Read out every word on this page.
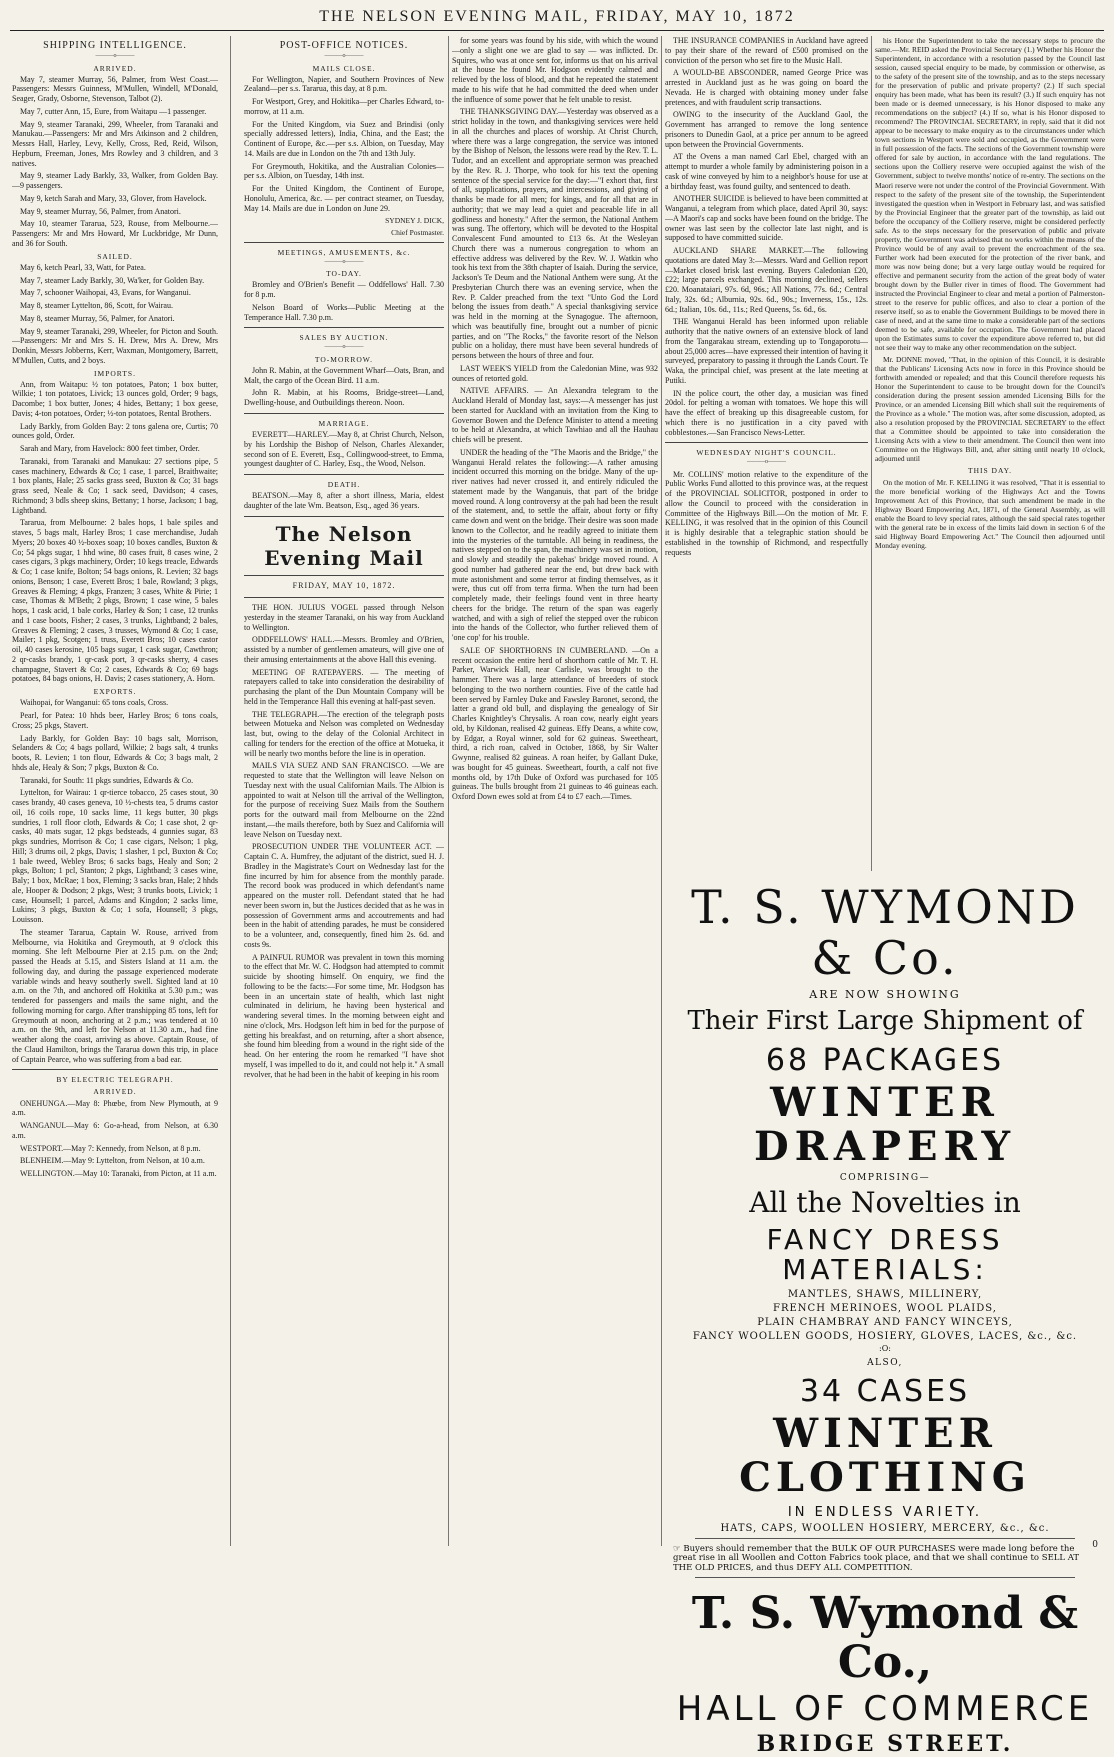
THE NELSON EVENING MAIL, FRIDAY, MAY 10, 1872
SHIPPING INTELLIGENCE.
———o———
ARRIVED.

May 7, steamer Murray, 56, Palmer, from West Coast.—Passengers: Messrs Guinness, M'Mullen, Windell, M'Donald, Seager, Grady, Osborne, Stevenson, Talbot (2).

May 7, cutter Ann, 15, Eure, from Waitapu —1 passenger.

May 9, steamer Taranaki, 299, Wheeler, from Taranaki and Manukau.—Passengers: Mr and Mrs Atkinson and 2 children, Messrs Hall, Harley, Levy, Kelly, Cross, Red, Reid, Wilson, Hepburn, Freeman, Jones, Mrs Rowley and 3 children, and 3 natives.

May 9, steamer Lady Barkly, 33, Walker, from Golden Bay.—9 passengers.

May 9, ketch Sarah and Mary, 33, Glover, from Havelock.

May 9, steamer Murray, 56, Palmer, from Anatori.

May 10, steamer Tararua, 523, Rouse, from Melbourne.—Passengers: Mr and Mrs Howard, Mr Luckbridge, Mr Dunn, and 36 for South.

SAILED.

May 6, ketch Pearl, 33, Watt, for Patea.

May 7, steamer Lady Barkly, 30, Wa'ker, for Golden Bay.

May 7, schooner Waihopai, 43, Evans, for Wanganui.

May 8, steamer Lyttelton, 86, Scott, for Wairau.

May 8, steamer Murray, 56, Palmer, for Anatori.

May 9, steamer Taranaki, 299, Wheeler, for Picton and South.—Passengers: Mr and Mrs S. H. Drew, Mrs A. Drew, Mrs Donkin, Messrs Jobberns, Kerr, Waxman, Montgomery, Barrett, M'Mullen, Cutts, and 2 boys.

IMPORTS.

Ann, from Waitapu: ½ ton potatoes, Paton; 1 box butter, Wilkie; 1 ton potatoes, Livick; 13 ounces gold, Order; 9 bags, Dacombe; 1 box butter, Jones; 4 hides, Bettany; 1 box geese, Davis; 4-ton potatoes, Order; ½-ton potatoes, Rental Brothers.

Lady Barkly, from Golden Bay: 2 tons galena ore, Curtis; 70 ounces gold, Order.

Sarah and Mary, from Havelock: 800 feet timber, Order.

Taranaki, from Taranaki and Manukau: 27 sections pipe, 5 cases machinery, Edwards & Co; 1 case, 1 parcel, Braithwaite; 1 box plants, Hale; 25 sacks grass seed, Buxton & Co; 31 bags grass seed, Neale & Co; 1 sack seed, Davidson; 4 cases, Richmond; 3 bdls sheep skins, Bettany; 1 horse, Jackson; 1 bag, Lightband.

Tararua, from Melbourne: 2 bales hops, 1 bale spiles and staves, 5 bags malt, Harley Bros; 1 case merchandise, Judah Myers; 20 boxes 40 ½-boxes soap; 10 boxes candles, Buxton & Co; 54 pkgs sugar, 1 hhd wine, 80 cases fruit, 8 cases wine, 2 cases cigars, 3 pkgs machinery, Order; 10 kegs treacle, Edwards & Co; 1 case knife, Bolton; 54 bags onions, R. Levien; 32 bags onions, Benson; 1 case, Everett Bros; 1 bale, Rowland; 3 pkgs, Greaves & Fleming; 4 pkgs, Franzen; 3 cases, White & Pirie; 1 case, Thomas & M'Beth; 2 pkgs, Brown; 1 case wine, 5 bales hops, 1 cask acid, 1 bale corks, Harley & Son; 1 case, 12 trunks and 1 case boots, Fisher; 2 cases, 3 trunks, Lightband; 2 bales, Greaves & Fleming; 2 cases, 3 trusses, Wymond & Co; 1 case, Mailer; 1 pkg, Scotgen; 1 truss, Everett Bros; 10 cases castor oil, 40 cases kerosine, 105 bags sugar, 1 cask sugar, Cawthron; 2 qr-casks brandy, 1 qr-cask port, 3 qr-casks sherry, 4 cases champagne, Stavert & Co; 2 cases, Edwards & Co; 69 bags potatoes, 84 bags onions, H. Davis; 2 cases stationery, A. Horn.

EXPORTS.

Waihopai, for Wanganui: 65 tons coals, Cross.

Pearl, for Patea: 10 hhds beer, Harley Bros; 6 tons coals, Cross; 25 pkgs, Stavert.

Lady Barkly, for Golden Bay: 10 bags salt, Morrison, Selanders & Co; 4 bags pollard, Wilkie; 2 bags salt, 4 trunks boots, R. Levien; 1 ton flour, Edwards & Co; 3 bags malt, 2 hhds ale, Healy & Son; 7 pkgs, Buxton & Co.

Taranaki, for South: 11 pkgs sundries, Edwards & Co.

Lyttelton, for Wairau: 1 qr-tierce tobacco, 25 cases stout, 30 cases brandy, 40 cases geneva, 10 ½-chests tea, 5 drums castor oil, 16 coils rope, 10 sacks lime, 11 kegs butter, 30 pkgs sundries, 1 roll floor cloth, Edwards & Co; 1 case shot, 2 qr-casks, 40 mats sugar, 12 pkgs bedsteads, 4 gunnies sugar, 83 pkgs sundries, Morrison & Co; 1 case cigars, Nelson; 1 pkg, Hill; 3 drums oil, 2 pkgs, Davis; 1 slasher, 1 pcl, Buxton & Co; 1 bale tweed, Webley Bros; 6 sacks bags, Healy and Son; 2 pkgs, Bolton; 1 pcl, Stanton; 2 pkgs, Lightband; 3 cases wine, Baly; 1 box, McRae; 1 box, Fleming; 3 sacks bran, Hale; 2 hhds ale, Hooper & Dodson; 2 pkgs, West; 3 trunks boots, Livick; 1 case, Hounsell; 1 parcel, Adams and Kingdon; 2 sacks lime, Lukins; 3 pkgs, Buxton & Co; 1 sofa, Hounsell; 3 pkgs, Louisson.

The steamer Tararua, Captain W. Rouse, arrived from Melbourne, via Hokitika and Greymouth, at 9 o'clock this morning. She left Melbourne Pier at 2.15 p.m. on the 2nd; passed the Heads at 5.15, and Sisters Island at 11 a.m. the following day, and during the passage experienced moderate variable winds and heavy southerly swell. Sighted land at 10 a.m. on the 7th, and anchored off Hokitika at 5.30 p.m.; was tendered for passengers and mails the same night, and the following morning for cargo. After transhipping 85 tons, left for Greymouth at noon, anchoring at 2 p.m.; was tendered at 10 a.m. on the 9th, and left for Nelson at 11.30 a.m., had fine weather along the coast, arriving as above. Captain Rouse, of the Claud Hamilton, brings the Tararua down this trip, in place of Captain Pearce, who was suffering from a bad ear.

BY ELECTRIC TELEGRAPH.
ARRIVED.

ONEHUNGA.—May 8: Phœbe, from New Plymouth, at 9 a.m.

WANGANUI.—May 6: Go-a-head, from Nelson, at 6.30 a.m.

WESTPORT.—May 7: Kennedy, from Nelson, at 8 p.m.

BLENHEIM.—May 9: Lyttelton, from Nelson, at 10 a.m.

WELLINGTON.—May 10: Taranaki, from Picton, at 11 a.m.

POST-OFFICE NOTICES.
———o———
MAILS CLOSE.

For Wellington, Napier, and Southern Provinces of New Zealand—per s.s. Tararua, this day, at 8 p.m.

For Westport, Grey, and Hokitika—per Charles Edward, to-morrow, at 11 a.m.

For the United Kingdom, via Suez and Brindisi (only specially addressed letters), India, China, and the East; the Continent of Europe, &c.—per s.s. Albion, on Tuesday, May 14. Mails are due in London on the 7th and 13th July.

For Greymouth, Hokitika, and the Australian Colonies—per s.s. Albion, on Tuesday, 14th inst.

For the United Kingdom, the Continent of Europe, Honolulu, America, &c. — per contract steamer, on Tuesday, May 14. Mails are due in London on June 29.

SYDNEY J. DICK,
Chief Postmaster.
MEETINGS, AMUSEMENTS, &c.
———o———
TO-DAY.

Bromley and O'Brien's Benefit — Oddfellows' Hall. 7.30 for 8 p.m.

Nelson Board of Works—Public Meeting at the Temperance Hall. 7.30 p.m.

SALES BY AUCTION.
———o———
TO-MORROW.

John R. Mabin, at the Government Wharf—Oats, Bran, and Malt, the cargo of the Ocean Bird. 11 a.m.

John R. Mabin, at his Rooms, Bridge-street—Land, Dwelling-house, and Outbuildings thereon. Noon.

MARRIAGE.

EVERETT—HARLEY.—May 8, at Christ Church, Nelson, by his Lordship the Bishop of Nelson, Charles Alexander, second son of E. Everett, Esq., Collingwood-street, to Emma, youngest daughter of C. Harley, Esq., the Wood, Nelson.

DEATH.

BEATSON.—May 8, after a short illness, Maria, eldest daughter of the late Wm. Beatson, Esq., aged 36 years.

The Nelson Evening Mail
FRIDAY, MAY 10, 1872.

THE HON. JULIUS VOGEL passed through Nelson yesterday in the steamer Taranaki, on his way from Auckland to Wellington.

ODDFELLOWS' HALL.—Messrs. Bromley and O'Brien, assisted by a number of gentlemen amateurs, will give one of their amusing entertainments at the above Hall this evening.

MEETING OF RATEPAYERS. — The meeting of ratepayers called to take into consideration the desirability of purchasing the plant of the Dun Mountain Company will be held in the Temperance Hall this evening at half-past seven.

THE TELEGRAPH.—The erection of the telegraph posts between Motueka and Nelson was completed on Wednesday last, but, owing to the delay of the Colonial Architect in calling for tenders for the erection of the office at Motueka, it will be nearly two months before the line is in operation.

MAILS VIA SUEZ AND SAN FRANCISCO. —We are requested to state that the Wellington will leave Nelson on Tuesday next with the usual Californian Mails. The Albion is appointed to wait at Nelson till the arrival of the Wellington, for the purpose of receiving Suez Mails from the Southern ports for the outward mail from Melbourne on the 22nd instant,—the mails therefore, both by Suez and California will leave Nelson on Tuesday next.

PROSECUTION UNDER THE VOLUNTEER ACT. — Captain C. A. Humfrey, the adjutant of the district, sued H. J. Bradley in the Magistrate's Court on Wednesday last for the fine incurred by him for absence from the monthly parade. The record book was produced in which defendant's name appeared on the muster roll. Defendant stated that he had never been sworn in, but the Justices decided that as he was in possession of Government arms and accoutrements and had been in the habit of attending parades, he must be considered to be a volunteer, and, consequently, fined him 2s. 6d. and costs 9s.

A PAINFUL RUMOR was prevalent in town this morning to the effect that Mr. W. C. Hodgson had attempted to commit suicide by shooting himself. On enquiry, we find the following to be the facts:—For some time, Mr. Hodgson has been in an uncertain state of health, which last night culminated in delirium, he having been hysterical and wandering several times. In the morning between eight and nine o'clock, Mrs. Hodgson left him in bed for the purpose of getting his breakfast, and on returning, after a short absence, she found him bleeding from a wound in the right side of the head. On her entering the room he remarked "I have shot myself, I was impelled to do it, and could not help it." A small revolver, that he had been in the habit of keeping in his room

for some years was found by his side, with which the wound—only a slight one we are glad to say — was inflicted. Dr. Squires, who was at once sent for, informs us that on his arrival at the house he found Mr. Hodgson evidently calmed and relieved by the loss of blood, and that he repeated the statement made to his wife that he had committed the deed when under the influence of some power that he felt unable to resist.

THE THANKSGIVING DAY.—Yesterday was observed as a strict holiday in the town, and thanksgiving services were held in all the churches and places of worship. At Christ Church, where there was a large congregation, the service was intoned by the Bishop of Nelson, the lessons were read by the Rev. T. L. Tudor, and an excellent and appropriate sermon was preached by the Rev. R. J. Thorpe, who took for his text the opening sentence of the special service for the day:—"I exhort that, first of all, supplications, prayers, and intercessions, and giving of thanks be made for all men; for kings, and for all that are in authority; that we may lead a quiet and peaceable life in all godliness and honesty." After the sermon, the National Anthem was sung. The offertory, which will be devoted to the Hospital Convalescent Fund amounted to £13 6s. At the Wesleyan Church there was a numerous congregation to whom an effective address was delivered by the Rev. W. J. Watkin who took his text from the 38th chapter of Isaiah. During the service, Jackson's Te Deum and the National Anthem were sung. At the Presbyterian Church there was an evening service, when the Rev. P. Calder preached from the text "Unto God the Lord belong the issues from death." A special thanksgiving service was held in the morning at the Synagogue. The afternoon, which was beautifully fine, brought out a number of picnic parties, and on "The Rocks," the favorite resort of the Nelson public on a holiday, there must have been several hundreds of persons between the hours of three and four.

LAST WEEK'S YIELD from the Caledonian Mine, was 932 ounces of retorted gold.

NATIVE AFFAIRS. — An Alexandra telegram to the Auckland Herald of Monday last, says:—A messenger has just been started for Auckland with an invitation from the King to Governor Bowen and the Defence Minister to attend a meeting to be held at Alexandra, at which Tawhiao and all the Hauhau chiefs will be present.

UNDER the heading of the "The Maoris and the Bridge," the Wanganui Herald relates the following:—A rather amusing incident occurred this morning on the bridge. Many of the up-river natives had never crossed it, and entirely ridiculed the statement made by the Wanganuis, that part of the bridge moved round. A long controversy at the pah had been the result of the statement, and, to settle the affair, about forty or fifty came down and went on the bridge. Their desire was soon made known to the Collector, and he readily agreed to initiate them into the mysteries of the turntable. All being in readiness, the natives stepped on to the span, the machinery was set in motion, and slowly and steadily the pakehas' bridge moved round. A good number had gathered near the end, but drew back with mute astonishment and some terror at finding themselves, as it were, thus cut off from terra firma. When the turn had been completely made, their feelings found vent in three hearty cheers for the bridge. The return of the span was eagerly watched, and with a sigh of relief the stepped over the rubicon into the hands of the Collector, who further relieved them of 'one cop' for his trouble.

SALE OF SHORTHORNS IN CUMBERLAND. —On a recent occasion the entire herd of shorthorn cattle of Mr. T. H. Parker, Warwick Hall, near Carlisle, was brought to the hammer. There was a large attendance of breeders of stock belonging to the two northern counties. Five of the cattle had been served by Farnley Duke and Fawsley Baronet, second, the latter a grand old bull, and displaying the genealogy of Sir Charles Knightley's Chrysalis. A roan cow, nearly eight years old, by Kildonan, realised 42 guineas. Effy Deans, a white cow, by Edgar, a Royal winner, sold for 62 guineas. Sweetheart, third, a rich roan, calved in October, 1868, by Sir Walter Gwynne, realised 82 guineas. A roan heifer, by Gallant Duke, was bought for 45 guineas. Sweetheart, fourth, a calf not five months old, by 17th Duke of Oxford was purchased for 105 guineas. The bulls brought from 21 guineas to 46 guineas each. Oxford Down ewes sold at from £4 to £7 each.—Times.

THE INSURANCE COMPANIES in Auckland have agreed to pay their share of the reward of £500 promised on the conviction of the person who set fire to the Music Hall.

A WOULD-BE ABSCONDER, named George Price was arrested in Auckland just as he was going on board the Nevada. He is charged with obtaining money under false pretences, and with fraudulent scrip transactions.

OWING to the insecurity of the Auckland Gaol, the Government has arranged to remove the long sentence prisoners to Dunedin Gaol, at a price per annum to be agreed upon between the Provincial Governments.

AT the Ovens a man named Carl Ebel, charged with an attempt to murder a whole family by administering poison in a cask of wine conveyed by him to a neighbor's house for use at a birthday feast, was found guilty, and sentenced to death.

ANOTHER SUICIDE is believed to have been committed at Wanganui, a telegram from which place, dated April 30, says:—A Maori's cap and socks have been found on the bridge. The owner was last seen by the collector late last night, and is supposed to have committed suicide.

AUCKLAND SHARE MARKET.—The following quotations are dated May 3:—Messrs. Ward and Gellion report—Market closed brisk last evening. Buyers Caledonian £20, £22; large parcels exchanged. This morning declined, sellers £20. Moanataiari, 97s. 6d, 96s.; All Nations, 77s. 6d.; Central Italy, 32s. 6d.; Alburnia, 92s. 6d., 90s.; Inverness, 15s., 12s. 6d.; Italian, 10s. 6d., 11s.; Red Queens, 5s. 6d., 6s.

THE Wanganui Herald has been informed upon reliable authority that the native owners of an extensive block of land from the Tangarakau stream, extending up to Tongaporotu—about 25,000 acres—have expressed their intention of having it surveyed, preparatory to passing it through the Lands Court. Te Waka, the principal chief, was present at the late meeting at Putiki.

IN the police court, the other day, a musician was fined 20dol. for pelting a woman with tomatoes. We hope this will have the effect of breaking up this disagreeable custom, for which there is no justification in a city paved with cobblestones.—San Francisco News-Letter.

WEDNESDAY NIGHT'S COUNCIL.
———o———

Mr. COLLINS' motion relative to the expenditure of the Public Works Fund allotted to this province was, at the request of the PROVINCIAL SOLICITOR, postponed in order to allow the Council to proceed with the consideration in Committee of the Highways Bill.—On the motion of Mr. F. KELLING, it was resolved that in the opinion of this Council it is highly desirable that a telegraphic station should be established in the township of Richmond, and respectfully requests

his Honor the Superintendent to take the necessary steps to procure the same.—Mr. REID asked the Provincial Secretary (1.) Whether his Honor the Superintendent, in accordance with a resolution passed by the Council last session, caused special enquiry to be made, by commission or otherwise, as to the safety of the present site of the township, and as to the steps necessary for the preservation of public and private property? (2.) If such special enquiry has been made, what has been its result? (3.) If such enquiry has not been made or is deemed unnecessary, is his Honor disposed to make any recommendations on the subject? (4.) If so, what is his Honor disposed to recommend? The PROVINCIAL SECRETARY, in reply, said that it did not appear to be necessary to make enquiry as to the circumstances under which town sections in Westport were sold and occupied, as the Government were in full possession of the facts. The sections of the Government township were offered for sale by auction, in accordance with the land regulations. The sections upon the Colliery reserve were occupied against the wish of the Government, subject to twelve months' notice of re-entry. The sections on the Maori reserve were not under the control of the Provincial Government. With respect to the safety of the present site of the township, the Superintendent investigated the question when in Westport in February last, and was satisfied by the Provincial Engineer that the greater part of the township, as laid out before the occupancy of the Colliery reserve, might be considered perfectly safe. As to the steps necessary for the preservation of public and private property, the Government was advised that no works within the means of the Province would be of any avail to prevent the encroachment of the sea. Further work had been executed for the protection of the river bank, and more was now being done; but a very large outlay would be required for effective and permanent security from the action of the great body of water brought down by the Buller river in times of flood. The Government had instructed the Provincial Engineer to clear and metal a portion of Palmerston-street to the reserve for public offices, and also to clear a portion of the reserve itself, so as to enable the Government Buildings to be moved there in case of need, and at the same time to make a considerable part of the sections deemed to be safe, available for occupation. The Government had placed upon the Estimates sums to cover the expenditure above referred to, but did not see their way to make any other recommendation on the subject.

Mr. DONNE moved, "That, in the opinion of this Council, it is desirable that the Publicans' Licensing Acts now in force in this Province should be forthwith amended or repealed; and that this Council therefore requests his Honor the Superintendent to cause to be brought down for the Council's consideration during the present session amended Licensing Bills for the Province, or an amended Licensing Bill which shall suit the requirements of the Province as a whole." The motion was, after some discussion, adopted, as also a resolution proposed by the PROVINCIAL SECRETARY to the effect that a Committee should be appointed to take into consideration the Licensing Acts with a view to their amendment. The Council then went into Committee on the Highways Bill, and, after sitting until nearly 10 o'clock, adjourned until

THIS DAY.

On the motion of Mr. F. KELLING it was resolved, "That it is essential to the more beneficial working of the Highways Act and the Towns Improvement Act of this Province, that such amendment be made in the Highway Board Empowering Act, 1871, of the General Assembly, as will enable the Board to levy special rates, although the said special rates together with the general rate be in excess of the limits laid down in section 6 of the said Highway Board Empowering Act." The Council then adjourned until Monday evening.

T. S. WYMOND & Co.
ARE NOW SHOWING
Their First Large Shipment of
68 PACKAGES
WINTER DRAPERY
COMPRISING—
All the Novelties in
FANCY DRESS MATERIALS:
MANTLES, SHAWS, MILLINERY,
FRENCH MERINOES, WOOL PLAIDS,
PLAIN CHAMBRAY AND FANCY WINCEYS,
FANCY WOOLLEN GOODS, HOSIERY, GLOVES, LACES, &c., &c.
:O:
ALSO,
34 CASES
WINTER CLOTHING
IN ENDLESS VARIETY.
HATS, CAPS, WOOLLEN HOSIERY, MERCERY, &c., &c.
☞ Buyers should remember that the BULK OF OUR PURCHASES were made long before the great rise in all Woollen and Cotton Fabrics took place, and that we shall continue to SELL AT THE OLD PRICES, and thus DEFY ALL COMPETITION.
T. S. Wymond & Co.,
HALL OF COMMERCE
BRIDGE STREET.
0
